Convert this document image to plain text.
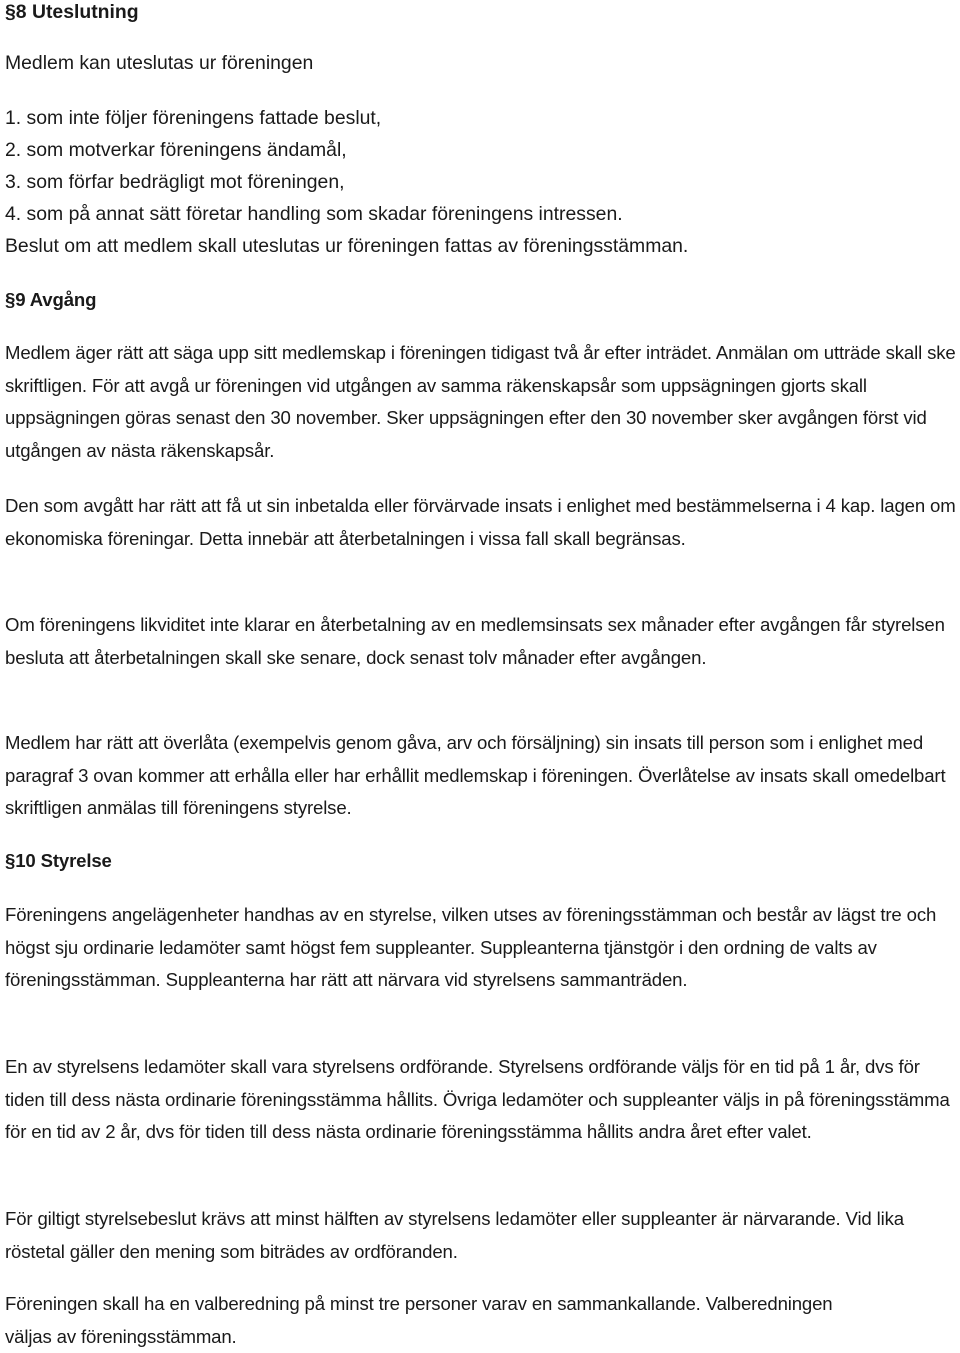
§8 Uteslutning

Medlem kan uteslutas ur föreningen

1. som inte följer föreningens fattade beslut,

2. som motverkar föreningens ändamål,

3. som förfar bedrägligt mot föreningen,

4. som på annat sätt företar handling som skadar föreningens intressen.

Beslut om att medlem skall uteslutas ur föreningen fattas av föreningsstämman.

§9 Avgång

Medlem äger rätt att säga upp sitt medlemskap i föreningen tidigast två år efter inträdet. Anmälan om utträde skall ske skriftligen. För att avgå ur föreningen vid utgången av samma räkenskapsår som uppsägningen gjorts skall uppsägningen göras senast den 30 november. Sker uppsägningen efter den 30 november sker avgången först vid utgången av nästa räkenskapsår.

Den som avgått har rätt att få ut sin inbetalda eller förvärvade insats i enlighet med bestämmelserna i 4 kap. lagen om ekonomiska föreningar. Detta innebär att återbetalningen i vissa fall skall begränsas.

Om föreningens likviditet inte klarar en återbetalning av en medlemsinsats sex månader efter avgången får styrelsen besluta att återbetalningen skall ske senare, dock senast tolv månader efter avgången.

Medlem har rätt att överlåta (exempelvis genom gåva, arv och försäljning) sin insats till person som i enlighet med paragraf 3 ovan kommer att erhålla eller har erhållit medlemskap i föreningen. Överlåtelse av insats skall omedelbart skriftligen anmälas till föreningens styrelse.

§10 Styrelse

Föreningens angelägenheter handhas av en styrelse, vilken utses av föreningsstämman och består av lägst tre och högst sju ordinarie ledamöter samt högst fem suppleanter. Suppleanterna tjänstgör i den ordning de valts av föreningsstämman. Suppleanterna har rätt att närvara vid styrelsens sammanträden.

En av styrelsens ledamöter skall vara styrelsens ordförande. Styrelsens ordförande väljs för en tid på 1 år, dvs för tiden till dess nästa ordinarie föreningsstämma hållits. Övriga ledamöter och suppleanter väljs in på föreningsstämma för en tid av 2 år, dvs för tiden till dess nästa ordinarie föreningsstämma hållits andra året efter valet.

För giltigt styrelsebeslut krävs att minst hälften av styrelsens ledamöter eller suppleanter är närvarande. Vid lika röstetal gäller den mening som biträdes av ordföranden.

Föreningen skall ha en valberedning på minst tre personer varav en sammankallande. Valberedningen väljas av föreningsstämman.
